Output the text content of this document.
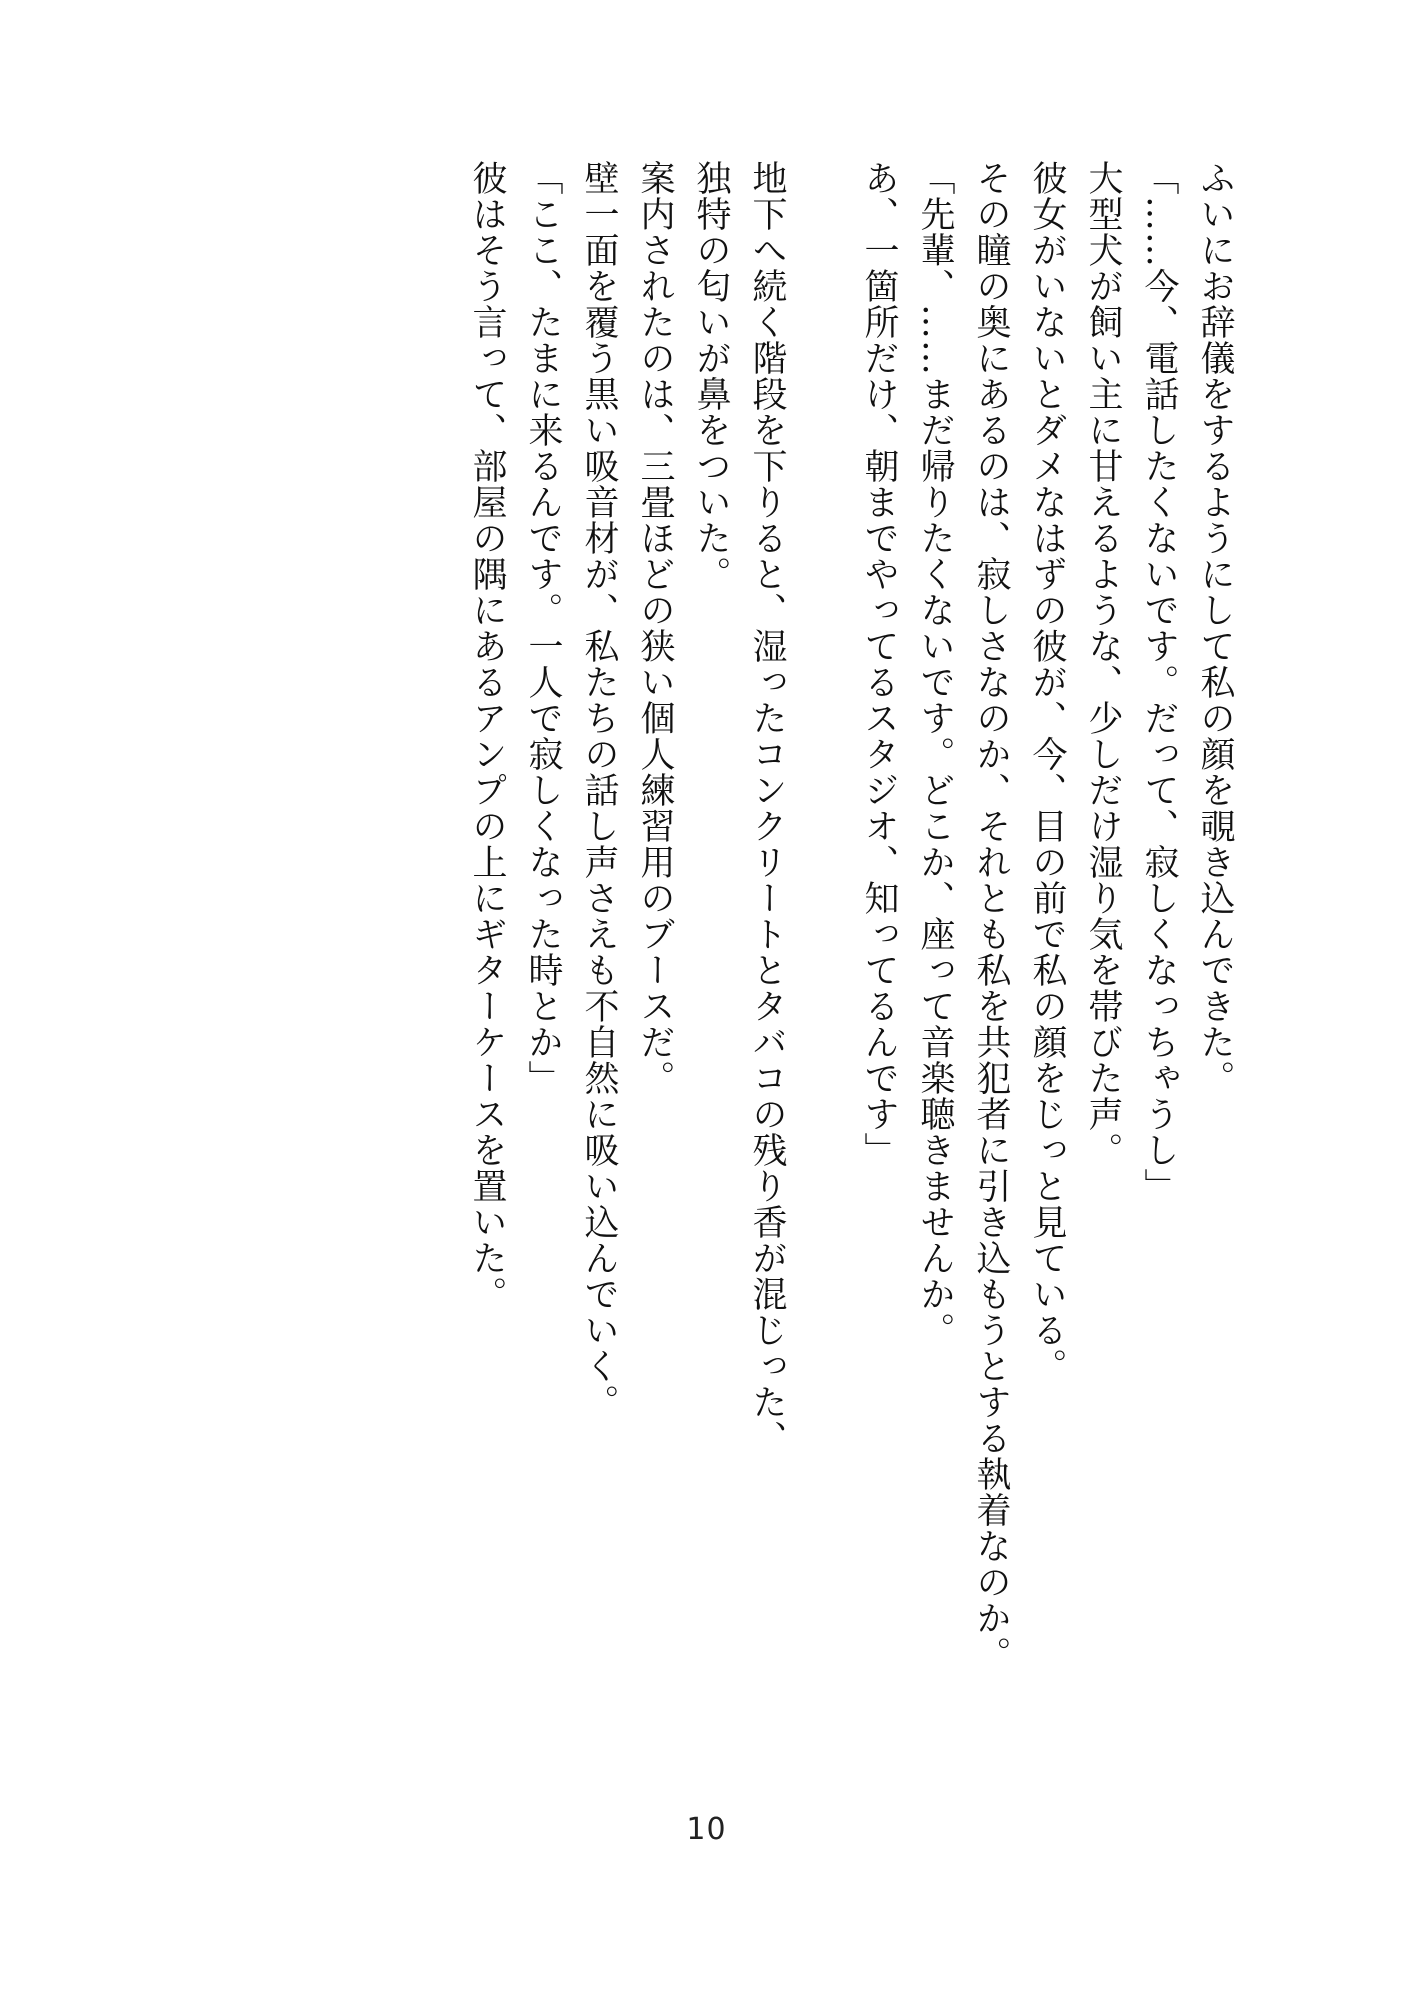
ふいにお辞儀をするようにして私の顔を覗き込んできた。
「……今、電話したくないです。だって、寂しくなっちゃうし」
大型犬が飼い主に甘えるような、少しだけ湿り気を帯びた声。
彼女がいないとダメなはずの彼が、今、目の前で私の顔をじっと見ている。
その瞳の奥にあるのは、寂しさなのか、それとも私を共犯者に引き込もうとする執着なのか。
「先輩、……まだ帰りたくないです。どこか、座って音楽聴きませんか。
あ、一箇所だけ、朝までやってるスタジオ、知ってるんです」
地下へ続く階段を下りると、湿ったコンクリートとタバコの残り香が混じった、
独特の匂いが鼻をついた。
案内されたのは、三畳ほどの狭い個人練習用のブースだ。
壁一面を覆う黒い吸音材が、私たちの話し声さえも不自然に吸い込んでいく。
「ここ、たまに来るんです。一人で寂しくなった時とか」
彼はそう言って、部屋の隅にあるアンプの上にギターケースを置いた。
10
